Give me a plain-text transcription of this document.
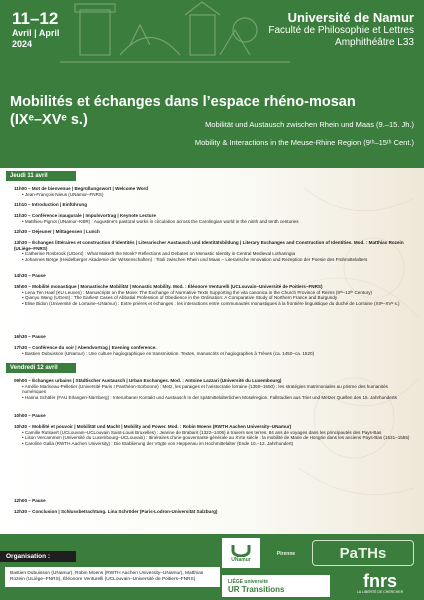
11–12
Avril | April
2024
Université de Namur
Faculté de Philosophie et Lettres
Amphithéâtre L33
Mobilités et échanges dans l’espace rhéno-mosan
(IXᵉ–XVᵉ s.)	Mobilität und Austausch zwischen Rhein und Maas (9.–15. Jh.)
Mobility & Interactions in the Meuse-Rhine Region (9ᵗʰ–15ᵗʰ Cent.)
Jeudi 11 avril
11h00 – Mot de bienvenue | Begrüßungswort | Welcome Word
• Jean-François Nieus (UNamur–FNRS)
11h10 – Introduction | Einführung
11h30 – Conférence inaugurale | Impulsvortrag | Keynote Lecture
• Matthieu Pignot (UNamur–KBR) : Augustine’s pastoral works in circulation across the Carolingian world in the ninth and tenth centuries
12h30 – Déjeuner | Mittagessen | Lunch
13h30 – Échanges littéraires et construction d’identités | Literarischer Austausch und Identitätsbildung | Literary Exchanges and Construction of Identities. Mod. : Matthias Rozein (ULiège–FNRS)
• Catherine Rosbrook (UGent) : What Maketh the Monk? Reflections and Debates on Monastic Identity in Central Medieval Lotharingia
• Johannes Börge (Heidelberger Akademie der Wissenschaften) : Tituli zwischen Rhein und Maas – Literarische Innovation und Rezeption der Poesie des Frühmittelalters
14h30 – Pause
15h00 – Mobilité monastique | Monastische Mobilität | Monastic Mobility. Mod. : Éléonore Venturelli (UCLouvain–Université de Poitiers–FNRS)
• Lena Ten Haaf (KU Leuven) : Manuscripts on the Move: The Exchange of Normative Texts Supporting the vita canonica in the Church Province of Reims (9ᵗʰ–12ᵗʰ Century)
• Qianyu Wang (UGent) : The Earliest Cases of Abbatial Profession of Obedience in the Ordination: A Comparative Study of Northern France and Burgundy
• Elise Bidon (Université de Lorraine–UNamur) : Entre prières et échanges : les interactions entre communautés monastiques à la frontière linguistique du duché de Lorraine (XIIᵉ–XVᵉ s.)
16h30 – Pause
17h30 – Conférence du soir | Abendvortrag | Evening conference.
• Bastien Dubuisson (UNamur) : Une culture hagiographique en transmission. Textes, manuscrits et hagiographes à Trèves (ca. 1450–ca. 1520)
Vendredi 12 avril
09h00 – Échanges urbains | Städtischer Austausch | Urban Exchanges. Mod. : Antoine Lazzari (Université du Luxembourg)
• Amélie Marineau-Pelletier (Université Paris I Panthéon-Sorbonne) : Metz, les paraiges et l’aristocratie lorraine (1350–1550) : les stratégies matrimoniales au prisme des humanités numériques
• Hanna Schäfer (FAU Erlangen-Nürnberg) : Interurbaner Kontakt und Austausch in der spätmittelalterlichen Moselregion. Fallstudien aus Trier und Metzer Quellen des 15. Jahrhunderts
10h00 – Pause
10h30 – Mobilité et pouvoir | Mobilität und Macht | Mobility and Power. Mod. : Robin Moens (RWTH Aachen University–UNamur)
• Camille Rutsaert (UCLouvain–UCLouvain Saint-Louis Bruxelles) : Jeanne de Brabant (1322–1406) à travers ses terres. 84 ans de voyages dans les principautés des Pays-Bas
• Lison Vercammen (Université du Luxembourg–UCLouvain) : Itinéraires d’une gouvernante-générale au XVIe siècle : la mobilité de Marie de Hongrie dans les anciens Pays-Bas (1531–1555)
• Caroline Galla (RWTH Aachen University) : Die Etablierung der Vögte von Heppenau im Hochmittelalter (Ende 10.–12. Jahrhundert)
12h00 – Pause
12h30 – Conclusion | Schlussbetrachtung. Lina Schröder (Paris-Lodron-Universität Salzburg)
Organisation :
Bastien Dubuisson (UNamur), Robin Moens (RWTH Aachen University–UNamur), Matthias Rozein (ULiège–FNRS), Éléonore Venturelli (UCLouvain–Université de Poitiers–FNRS)
UNamur
Pirenne	PaTHs
LIÈGE université
UR Transitions	fnrs
LA LIBERTÉ DE CHERCHER
